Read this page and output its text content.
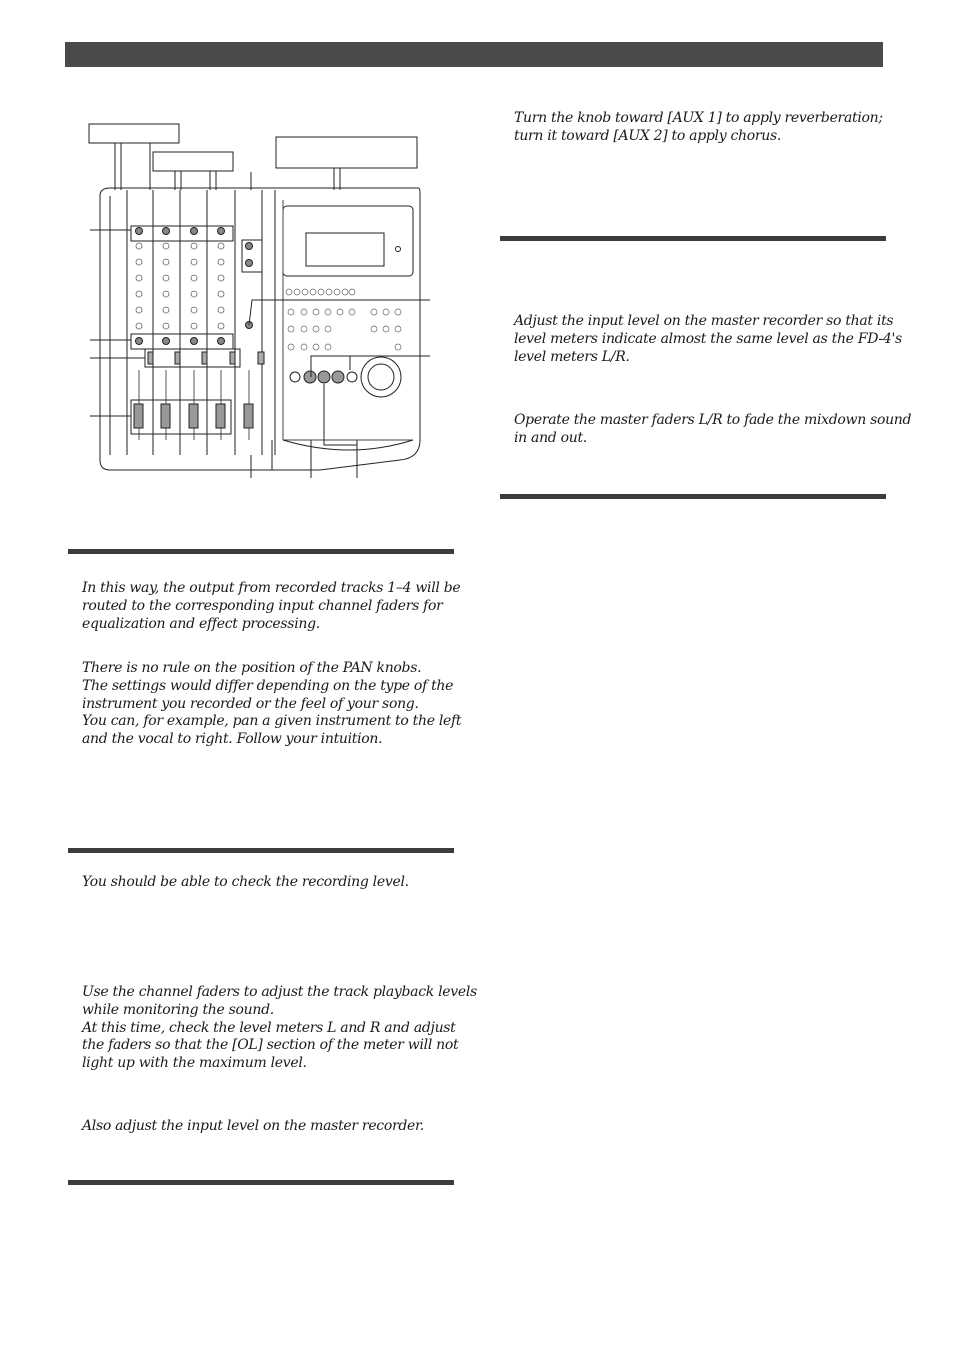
In this way, the output from recorded tracks 1–4 will be
routed to the corresponding input channel faders for
equalization and effect processing.
There is no rule on the position of the PAN knobs.
The settings would differ depending on the type of the
instrument you recorded or the feel of your song.
You can, for example, pan a given instrument to the left
and the vocal to right. Follow your intuition.
You should be able to check the recording level.
Use the channel faders to adjust the track playback levels
while monitoring the sound.
At this time, check the level meters L and R and adjust
the faders so that the [OL] section of the meter will not
light up with the maximum level.
Also adjust the input level on the master recorder.
Turn the knob toward [AUX 1] to apply reverberation;
turn it toward [AUX 2] to apply chorus.
Adjust the input level on the master recorder so that its
level meters indicate almost the same level as the FD-4's
level meters L/R.
Operate the master faders L/R to fade the mixdown sound
in and out.
